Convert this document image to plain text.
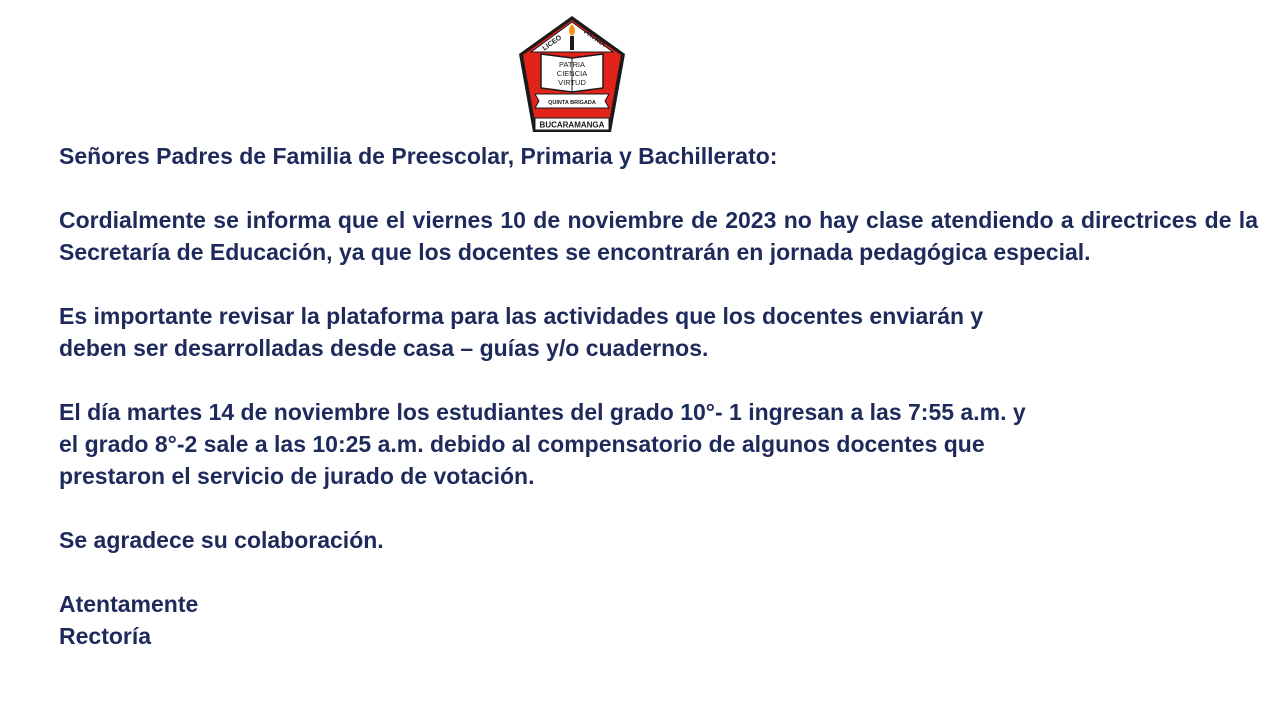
LICEO	PATRIA
PATRIA
CIENCIA
VIRTUD
QUINTA BRIGADA
BUCARAMANGA

Señores Padres de Familia de Preescolar, Primaria y Bachillerato:

Cordialmente se informa que el viernes 10 de noviembre de 2023 no hay clase atendiendo a directrices de la Secretaría de Educación, ya que los docentes se encontrarán en jornada pedagógica especial.

Es importante revisar la plataforma para las actividades que los docentes enviarán y
deben ser desarrolladas desde casa – guías y/o cuadernos.

El día martes 14 de noviembre los estudiantes del grado 10°- 1 ingresan a las 7:55 a.m. y
el grado 8°-2 sale a las 10:25 a.m. debido al compensatorio de algunos docentes que
prestaron el servicio de jurado de votación.

Se agradece su colaboración.

Atentamente

Rectoría
